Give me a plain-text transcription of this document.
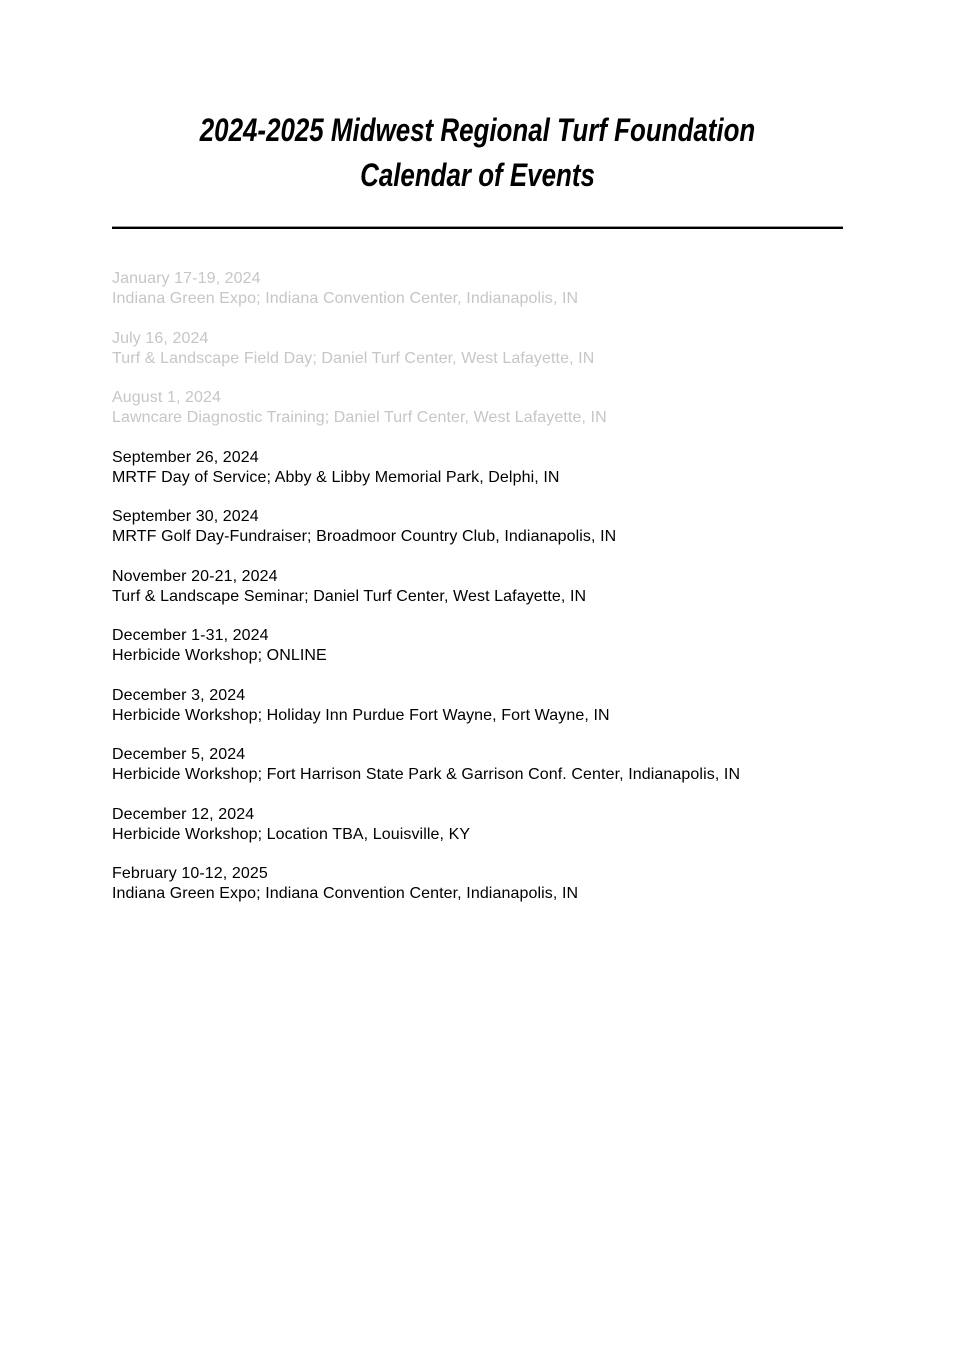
2024-2025 Midwest Regional Turf Foundation
Calendar of Events
January 17-19, 2024
Indiana Green Expo; Indiana Convention Center, Indianapolis, IN
July 16, 2024
Turf & Landscape Field Day; Daniel Turf Center, West Lafayette, IN
August 1, 2024
Lawncare Diagnostic Training; Daniel Turf Center, West Lafayette, IN
September 26, 2024
MRTF Day of Service; Abby & Libby Memorial Park, Delphi, IN
September 30, 2024
MRTF Golf Day-Fundraiser; Broadmoor Country Club, Indianapolis, IN
November 20-21, 2024
Turf & Landscape Seminar; Daniel Turf Center, West Lafayette, IN
December 1-31, 2024
Herbicide Workshop; ONLINE
December 3, 2024
Herbicide Workshop; Holiday Inn Purdue Fort Wayne, Fort Wayne, IN
December 5, 2024
Herbicide Workshop; Fort Harrison State Park & Garrison Conf. Center, Indianapolis, IN
December 12, 2024
Herbicide Workshop; Location TBA, Louisville, KY
February 10-12, 2025
Indiana Green Expo; Indiana Convention Center, Indianapolis, IN
